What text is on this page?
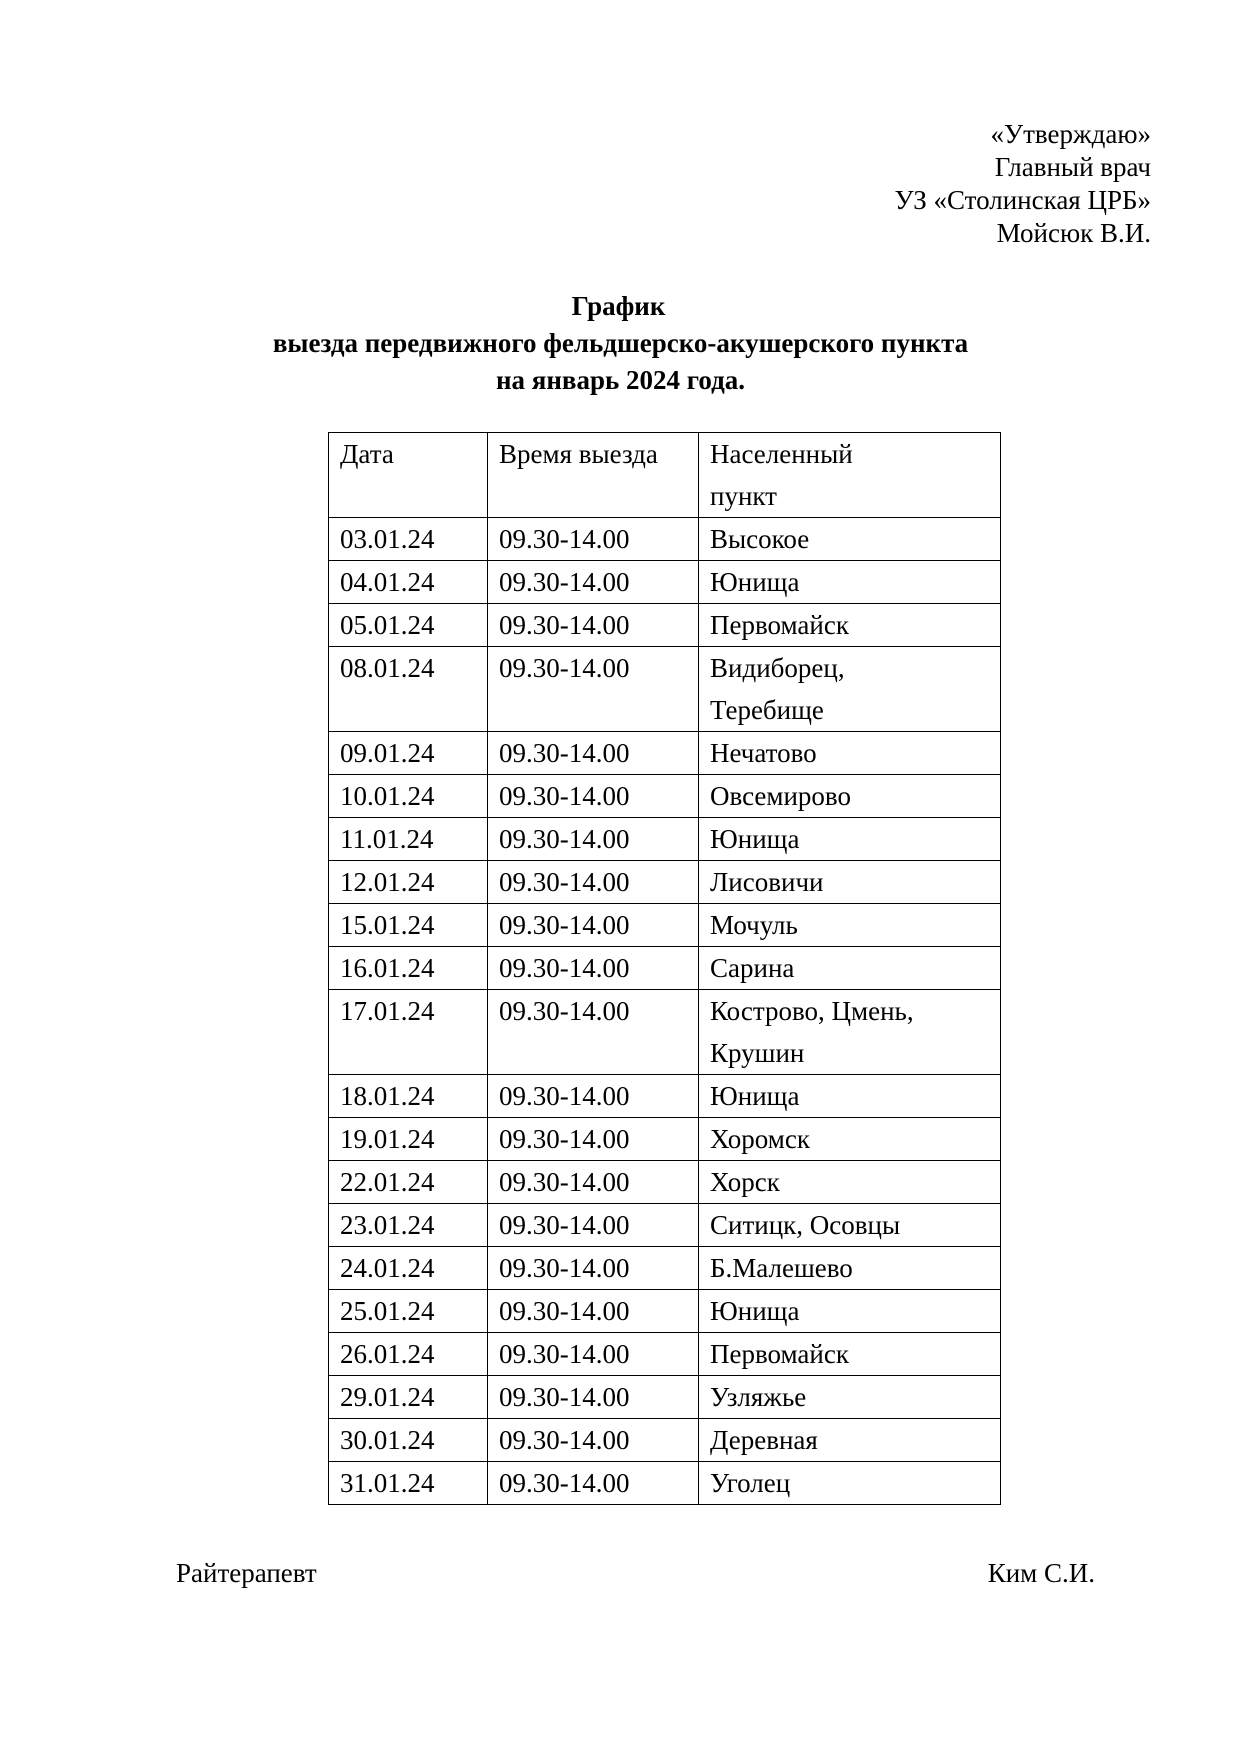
«Утверждаю»
Главный врач
УЗ «Столинская ЦРБ»
Мойсюк В.И.
График
выезда передвижного фельдшерско-акушерского пункта
на январь 2024 года.
Дата	Время выезда	Населенный
пункт

03.01.24	09.30-14.00	Высокое

04.01.24	09.30-14.00	Юнища

05.01.24	09.30-14.00	Первомайск

08.01.24	09.30-14.00	Видиборец,
Теребище

09.01.24	09.30-14.00	Нечатово

10.01.24	09.30-14.00	Овсемирово

11.01.24	09.30-14.00	Юнища

12.01.24	09.30-14.00	Лисовичи

15.01.24	09.30-14.00	Мочуль

16.01.24	09.30-14.00	Сарина

17.01.24	09.30-14.00	Кострово, Цмень,
Крушин

18.01.24	09.30-14.00	Юнища

19.01.24	09.30-14.00	Хоромск

22.01.24	09.30-14.00	Хорск

23.01.24	09.30-14.00	Ситицк, Осовцы

24.01.24	09.30-14.00	Б.Малешево

25.01.24	09.30-14.00	Юнища

26.01.24	09.30-14.00	Первомайск

29.01.24	09.30-14.00	Узляжье

30.01.24	09.30-14.00	Деревная

31.01.24	09.30-14.00	Уголец
Райтерапевт	Ким С.И.
